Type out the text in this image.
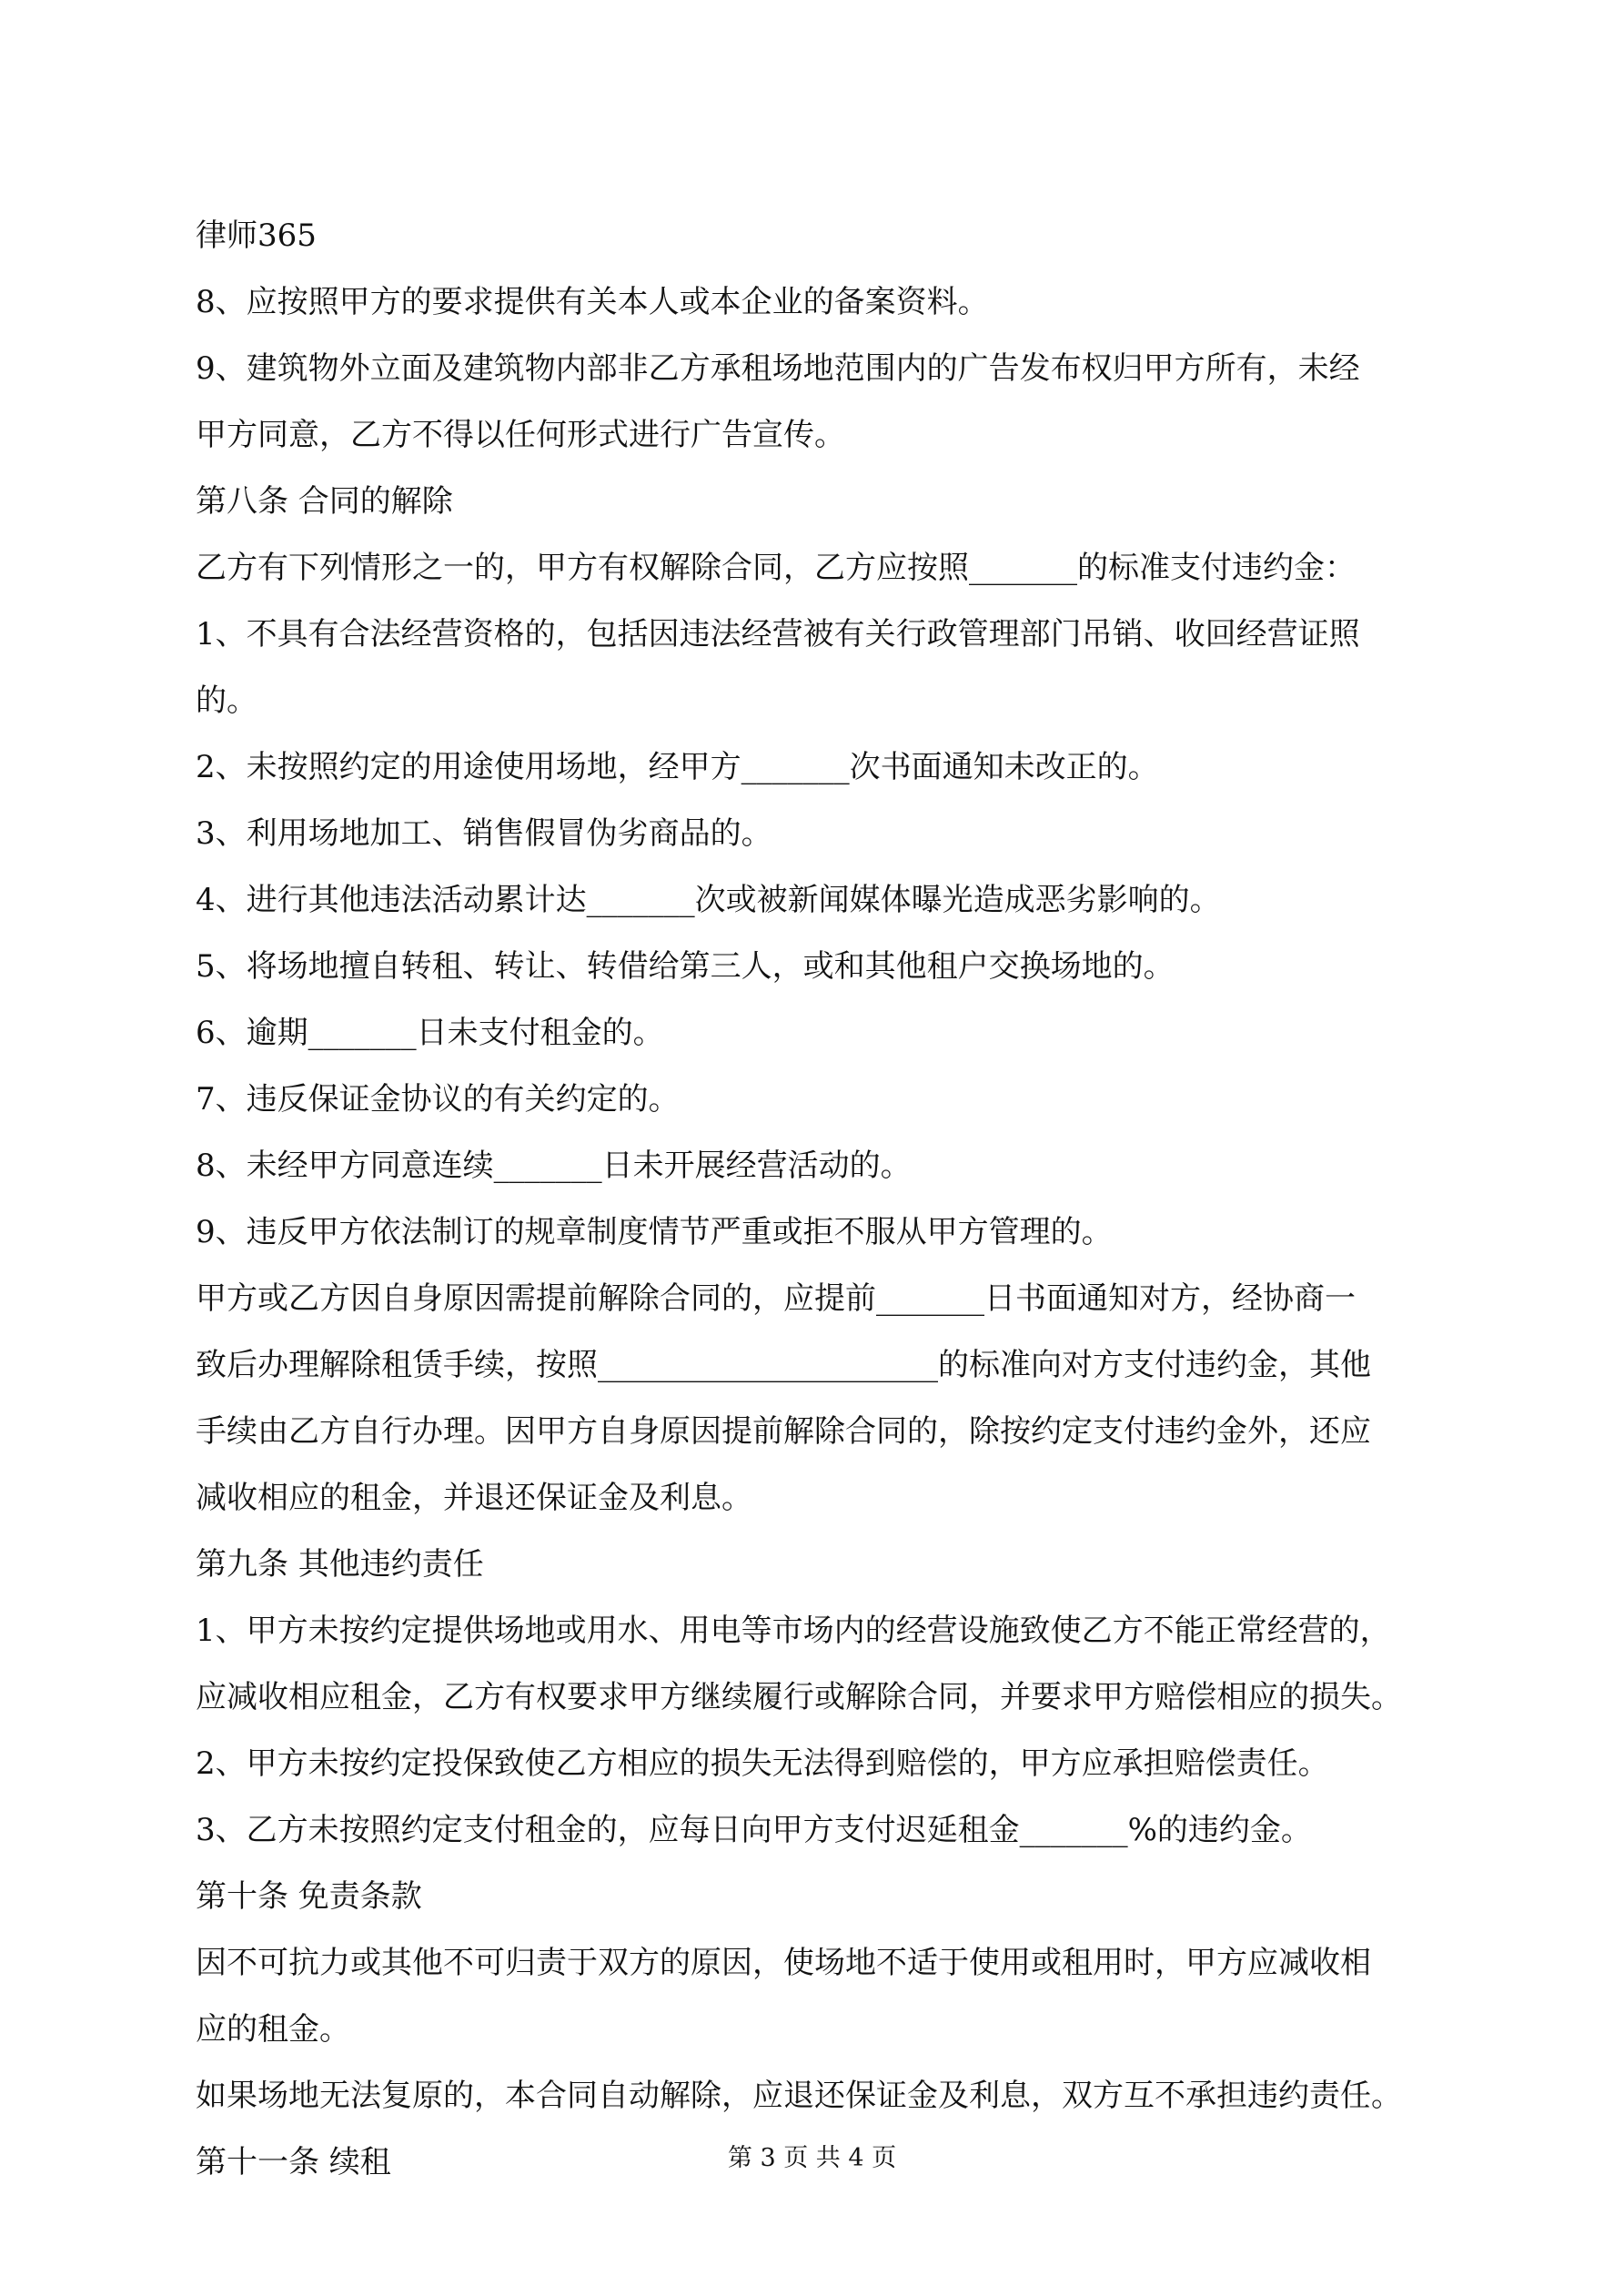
律师365
8、应按照甲方的要求提供有关本人或本企业的备案资料。
9、建筑物外立面及建筑物内部非乙方承租场地范围内的广告发布权归甲方所有，未经
甲方同意，乙方不得以任何形式进行广告宣传。
第八条 合同的解除
乙方有下列情形之一的，甲方有权解除合同，乙方应按照_______的标准支付违约金：
1、不具有合法经营资格的，包括因违法经营被有关行政管理部门吊销、收回经营证照
的。
2、未按照约定的用途使用场地，经甲方_______次书面通知未改正的。
3、利用场地加工、销售假冒伪劣商品的。
4、进行其他违法活动累计达_______次或被新闻媒体曝光造成恶劣影响的。
5、将场地擅自转租、转让、转借给第三人，或和其他租户交换场地的。
6、逾期_______日未支付租金的。
7、违反保证金协议的有关约定的。
8、未经甲方同意连续_______日未开展经营活动的。
9、违反甲方依法制订的规章制度情节严重或拒不服从甲方管理的。
甲方或乙方因自身原因需提前解除合同的，应提前_______日书面通知对方，经协商一
致后办理解除租赁手续，按照______________________的标准向对方支付违约金，其他
手续由乙方自行办理。因甲方自身原因提前解除合同的，除按约定支付违约金外，还应
减收相应的租金，并退还保证金及利息。
第九条 其他违约责任
1、甲方未按约定提供场地或用水、用电等市场内的经营设施致使乙方不能正常经营的，
应减收相应租金，乙方有权要求甲方继续履行或解除合同，并要求甲方赔偿相应的损失。
2、甲方未按约定投保致使乙方相应的损失无法得到赔偿的，甲方应承担赔偿责任。
3、乙方未按照约定支付租金的，应每日向甲方支付迟延租金_______%的违约金。
第十条 免责条款
因不可抗力或其他不可归责于双方的原因，使场地不适于使用或租用时，甲方应减收相
应的租金。
如果场地无法复原的，本合同自动解除，应退还保证金及利息，双方互不承担违约责任。
第十一条 续租	第 3 页 共 4 页
